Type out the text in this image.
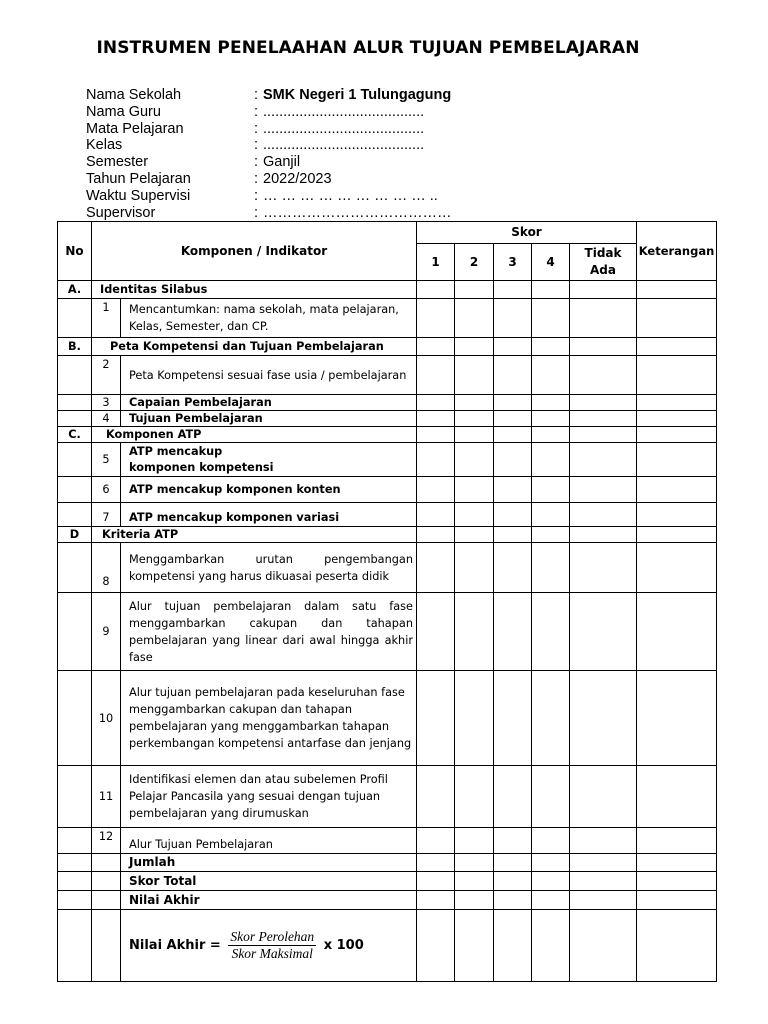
INSTRUMEN PENELAAHAN ALUR TUJUAN PEMBELAJARAN
Nama Sekolah	: SMK Negeri 1 Tulungagung
Nama Guru	: ........................................
Mata Pelajaran	: ........................................
Kelas	: ........................................
Semester	: Ganjil
Tahun Pelajaran	: 2022/2023
Waktu Supervisi	: … … … … … … … … … ..
Supervisor	: …………………………………
No	Komponen / Indikator		Skor					Keterangan
			1	2	3	4	Tidak Ada	
A.	Identitas Silabus							
	1	Mencantumkan: nama sekolah, mata pelajaran, Kelas, Semester, dan CP.						
B.	Peta Kompetensi dan Tujuan Pembelajaran							
	2	Peta Kompetensi sesuai fase usia / pembelajaran						
	3	Capaian Pembelajaran						
	4	Tujuan Pembelajaran						
C.	Komponen ATP							
	5	ATP mencakup komponen kompetensi						
	6	ATP mencakup komponen konten						
	7	ATP mencakup komponen variasi						
D	Kriteria ATP							
	8	Menggambarkan urutan pengembangan kompetensi yang harus dikuasai peserta didik						
	9	Alur tujuan pembelajaran dalam satu fase menggambarkan cakupan dan tahapan pembelajaran yang linear dari awal hingga akhir fase						
	10	Alur tujuan pembelajaran pada keseluruhan fase menggambarkan cakupan dan tahapan pembelajaran yang menggambarkan tahapan perkembangan kompetensi antarfase dan jenjang						
	11	Identifikasi elemen dan atau subelemen Profil Pelajar Pancasila yang sesuai dengan tujuan pembelajaran yang dirumuskan						
	12	Alur Tujuan Pembelajaran						
		Jumlah						
		Skor Total						
		Nilai Akhir						
		Nilai Akhir = $\frac{\text{Skor Perolehan}}{\text{Skor Maksimal}}$ x 100						
